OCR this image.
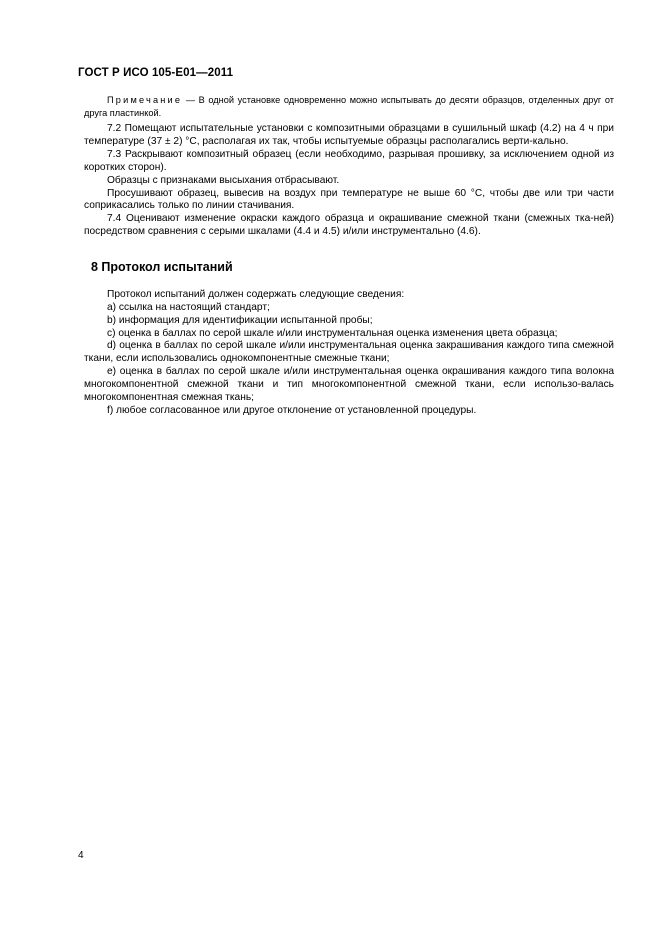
ГОСТ Р ИСО 105-E01—2011
Примечание — В одной установке одновременно можно испытывать до десяти образцов, отделенных друг от друга пластинкой.

7.2 Помещают испытательные установки с композитными образцами в сушильный шкаф (4.2) на 4 ч при температуре (37 ± 2) °С, располагая их так, чтобы испытуемые образцы располагались верти-кально.

7.3 Раскрывают композитный образец (если необходимо, разрывая прошивку, за исключением одной из коротких сторон).

Образцы с признаками высыхания отбрасывают.

Просушивают образец, вывесив на воздух при температуре не выше 60 °С, чтобы две или три части соприкасались только по линии стачивания.

7.4 Оценивают изменение окраски каждого образца и окрашивание смежной ткани (смежных тка-ней) посредством сравнения с серыми шкалами (4.4 и 4.5) и/или инструментально (4.6).

8 Протокол испытаний

Протокол испытаний должен содержать следующие сведения:

a) ссылка на настоящий стандарт;

b) информация для идентификации испытанной пробы;

c) оценка в баллах по серой шкале и/или инструментальная оценка изменения цвета образца;

d) оценка в баллах по серой шкале и/или инструментальная оценка закрашивания каждого типа смежной ткани, если использовались однокомпонентные смежные ткани;

e) оценка в баллах по серой шкале и/или инструментальная оценка окрашивания каждого типа волокна многокомпонентной смежной ткани и тип многокомпонентной смежной ткани, если использо-валась многокомпонентная смежная ткань;

f) любое согласованное или другое отклонение от установленной процедуры.

4
